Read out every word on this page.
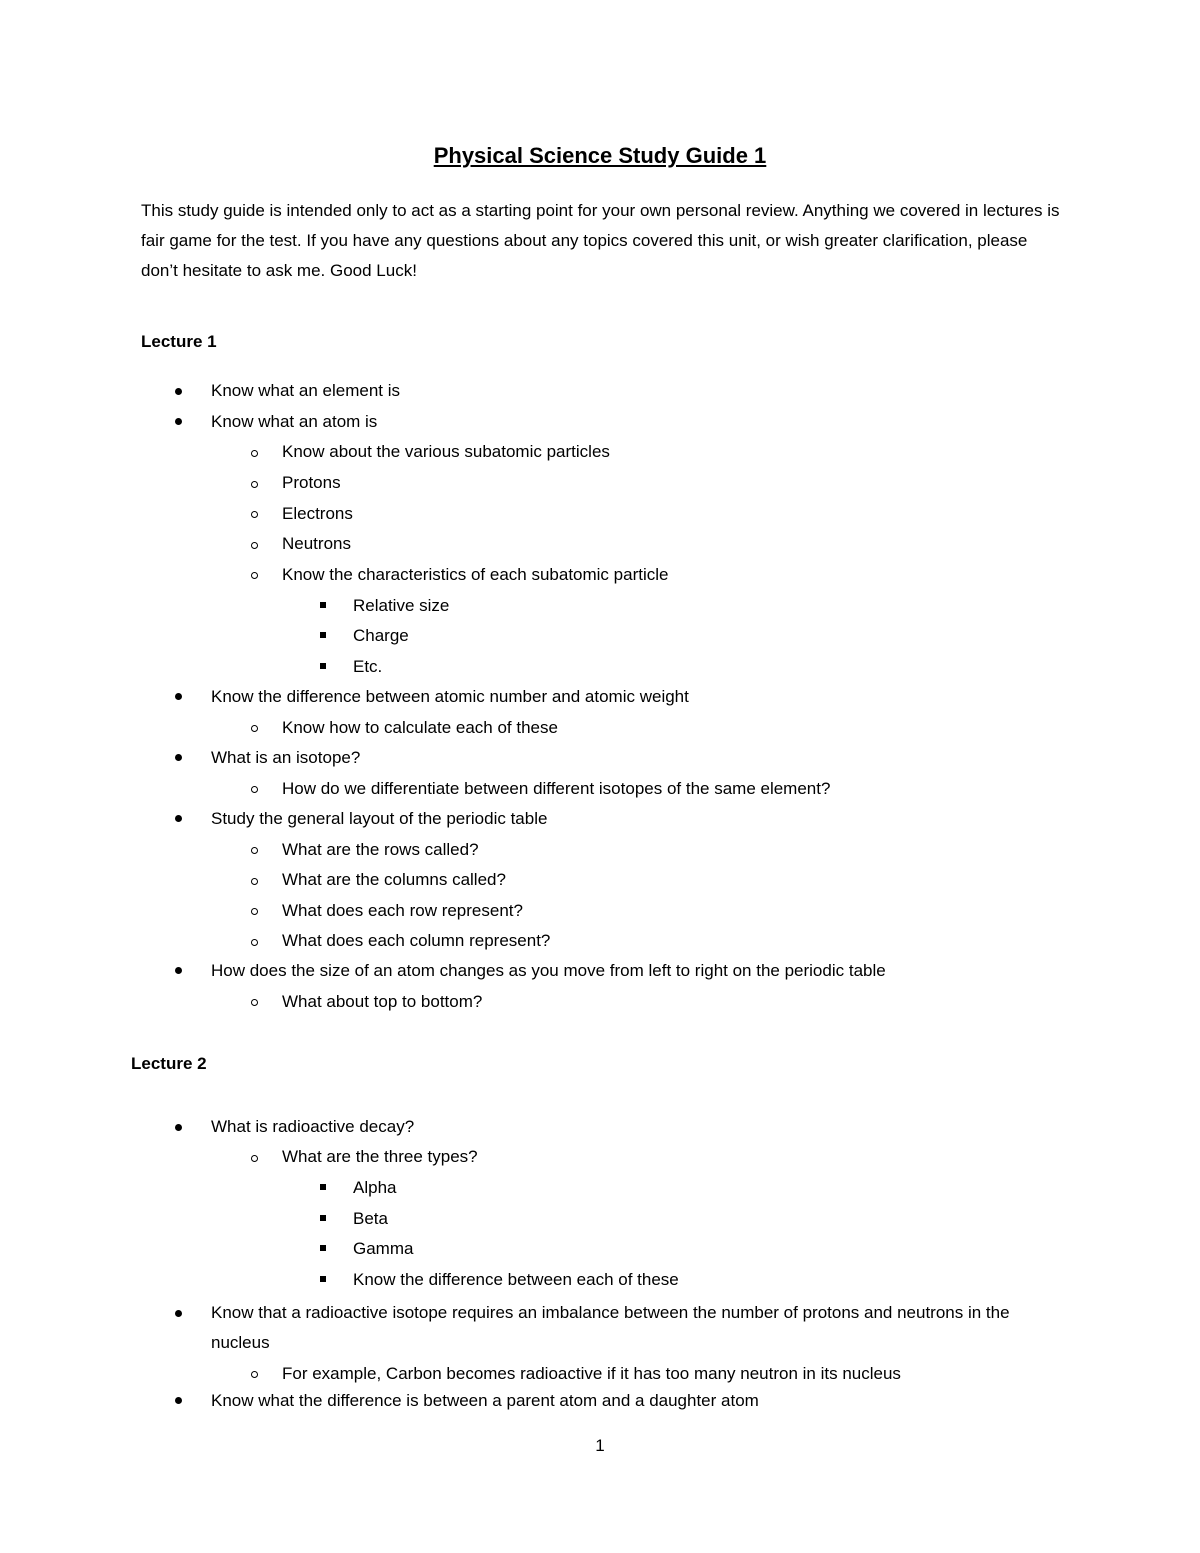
Physical Science Study Guide 1
This study guide is intended only to act as a starting point for your own personal review. Anything we covered in lectures is fair game for the test. If you have any questions about any topics covered this unit, or wish greater clarification, please don’t hesitate to ask me. Good Luck!
Lecture 1
Know what an element is
Know what an atom is
Know about the various subatomic particles
Protons
Electrons
Neutrons
Know the characteristics of each subatomic particle
Relative size
Charge
Etc.
Know the difference between atomic number and atomic weight
Know how to calculate each of these
What is an isotope?
How do we differentiate between different isotopes of the same element?
Study the general layout of the periodic table
What are the rows called?
What are the columns called?
What does each row represent?
What does each column represent?
How does the size of an atom changes as you move from left to right on the periodic table
What about top to bottom?
Lecture 2
What is radioactive decay?
What are the three types?
Alpha
Beta
Gamma
Know the difference between each of these
Know that a radioactive isotope requires an imbalance between the number of protons and neutrons in the nucleus
For example, Carbon becomes radioactive if it has too many neutron in its nucleus
Know what the difference is between a parent atom and a daughter atom
1
